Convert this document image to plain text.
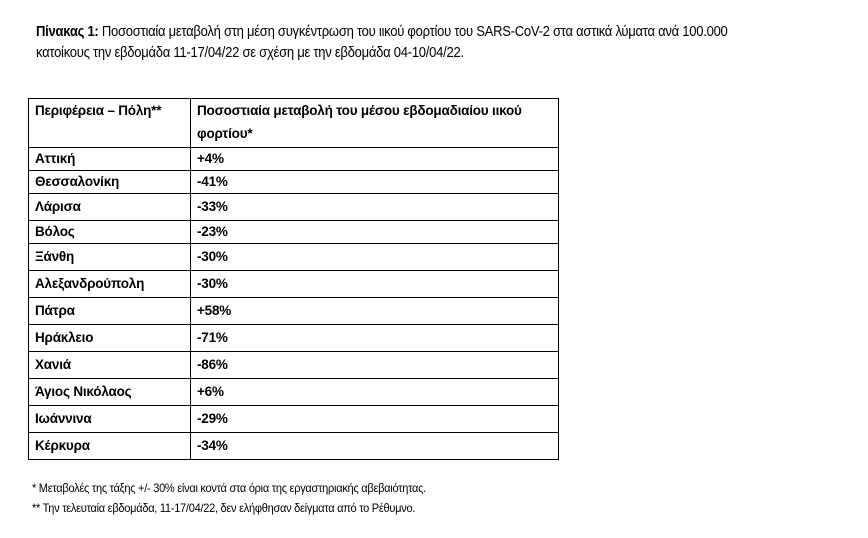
Πίνακας 1: Ποσοστιαία μεταβολή στη μέση συγκέντρωση του ιικού φορτίου του SARS-CoV-2 στα αστικά λύματα ανά 100.000 κατοίκους την εβδομάδα 11-17/04/22 σε σχέση με την εβδομάδα 04-10/04/22.
Περιφέρεια – Πόλη**	Ποσοστιαία μεταβολή του μέσου εβδομαδιαίου ιικού φορτίου*

Αττική	+4%
Θεσσαλονίκη	-41%
Λάρισα	-33%
Βόλος	-23%
Ξάνθη	-30%
Αλεξανδρούπολη	-30%
Πάτρα	+58%
Ηράκλειο	-71%
Χανιά	-86%
Άγιος Νικόλαος	+6%
Ιωάννινα	-29%
Κέρκυρα	-34%
* Μεταβολές της τάξης +/- 30% είναι κοντά στα όρια της εργαστηριακής αβεβαιότητας.
** Την τελευταία εβδομάδα, 11-17/04/22, δεν ελήφθησαν δείγματα από το Ρέθυμνο.
